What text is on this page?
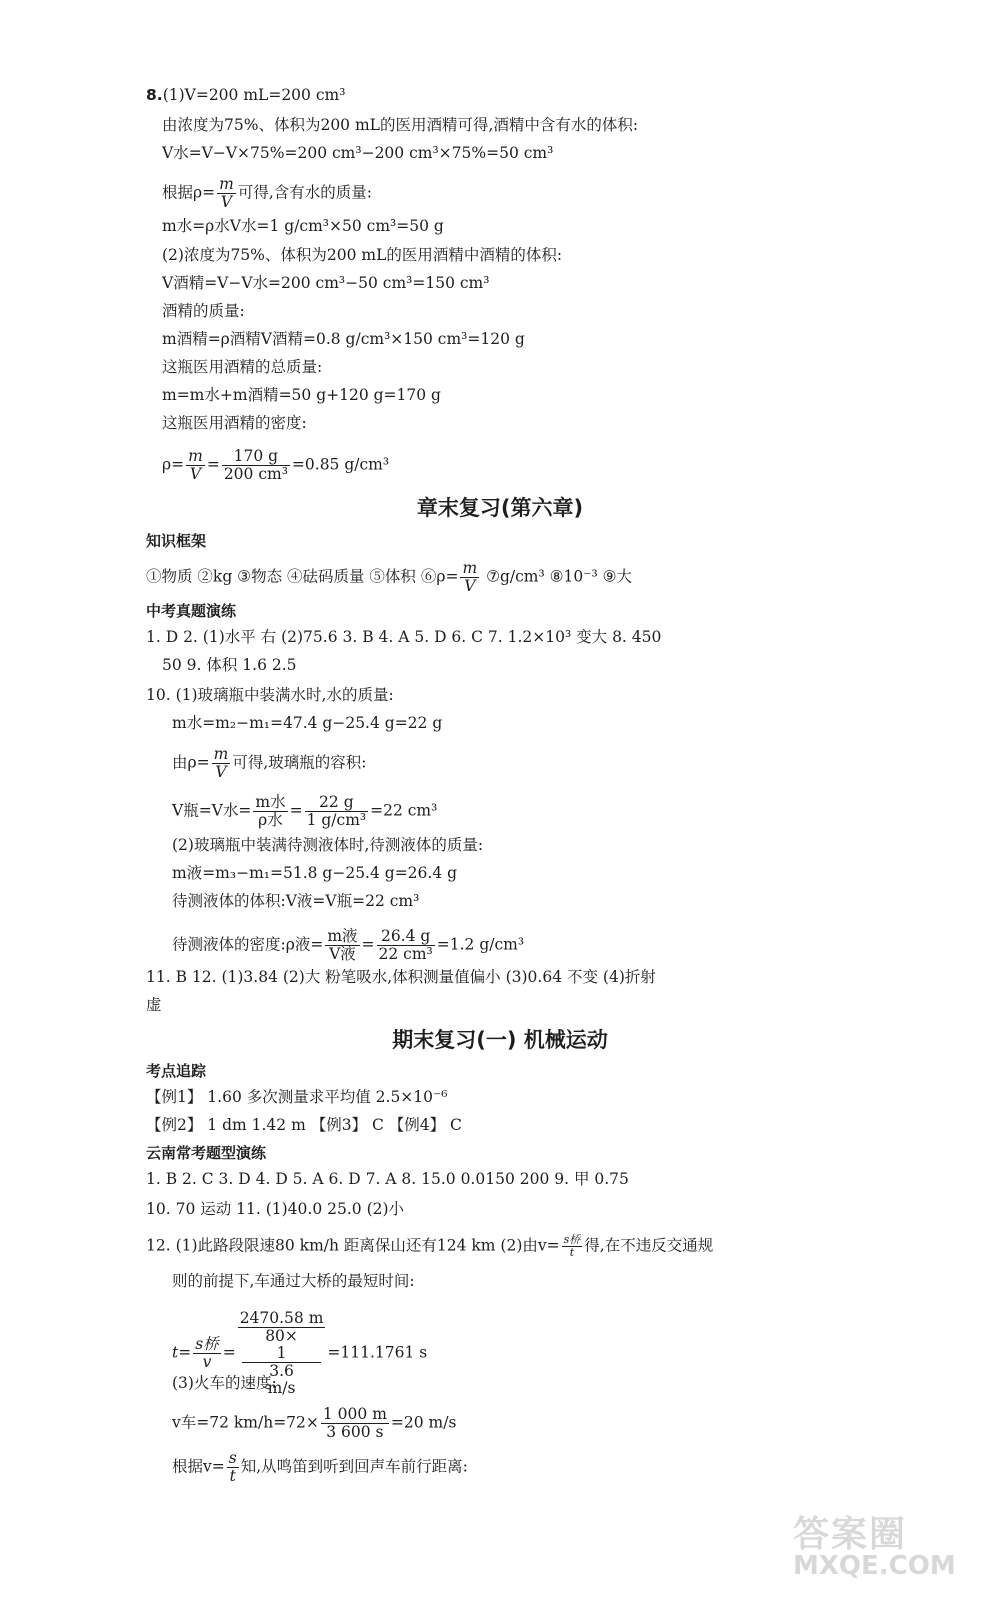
8.(1)V=200 mL=200 cm³
由浓度为75%、体积为200 mL的医用酒精可得,酒精中含有水的体积:
V水=V−V×75%=200 cm³−200 cm³×75%=50 cm³
根据$\rho= \frac{m}{V}$ 可得,含有水的质量:
m水=ρ水V水=1 g/cm³×50 cm³=50 g
(2)浓度为75%、体积为200 mL的医用酒精中酒精的体积:
V酒精=V−V水=200 cm³−50 cm³=150 cm³
酒精的质量:
m酒精=ρ酒精V酒精=0.8 g/cm³×150 cm³=120 g
这瓶医用酒精的总质量:
m=m水+m酒精=50 g+120 g=170 g
这瓶医用酒精的密度:
$\rho= \frac{m}{V} = \frac{170 g}{\text{200 cm³}} =0.85$ g/cm³
章末复习(第六章)
知识框架
①物质 ②kg ③物态 ④砝码质量 ⑤体积 ⑥ρ= $\frac{m}{V}$ ⑦g/cm³ ⑧10⁻³ ⑨大
中考真题演练
1. D 2. (1)水平 右 (2)75.6 3. B 4. A 5. D 6. C 7. 1.2×10³ 变大 8. 450
50 9. 体积 1.6 2.5
10. (1)玻璃瓶中装满水时,水的质量:
m水=m₂−m₁=47.4 g−25.4 g=22 g
由$\rho= \frac{m}{V}$ 可得,玻璃瓶的容积:
V瓶=V水= $\frac{\text{m水}}{\text{ρ水}} = \frac{22 g}{\text{1 g/cm³}} =22$ cm³
(2)玻璃瓶中装满待测液体时,待测液体的质量:
m液=m₃−m₁=51.8 g−25.4 g=26.4 g
待测液体的体积:V液=V瓶=22 cm³
待测液体的密度:ρ液= $\frac{\text{m液}}{\text{V液}} = \frac{26.4 g}{\text{22 cm³}} =1.2$ g/cm³
11. B 12. (1)3.84 (2)大 粉笔吸水,体积测量值偏小 (3)0.64 不变 (4)折射
虚
期末复习(一) 机械运动
考点追踪
【例1】 1.60 多次测量求平均值 2.5×10⁻⁶
【例2】 1 dm 1.42 m 【例3】 C 【例4】 C
云南常考题型演练
1. B 2. C 3. D 4. D 5. A 6. D 7. A 8. 15.0 0.0150 200 9. 甲 0.75
10. 70 运动 11. (1)40.0 25.0 (2)小
12. (1)此路段限速80 km/h 距离保山还有124 km (2)由$v= \frac{\text{s桥}}{t}$ 得,在不违反交通规
则的前提下,车通过大桥的最短时间:
$t= \frac{\text{s桥}}{v} = 2470.58$ m
80×
1
3.6
m/s =111.1761 s
(3)火车的速度:
v车=72 $km/h=72\times \frac{1 000 m}{3 600 s} =20$ m/s
根据$v= \frac{s}{t}$ 知,从鸣笛到听到回声车前行距离:
答案圈
MXQE.COM
